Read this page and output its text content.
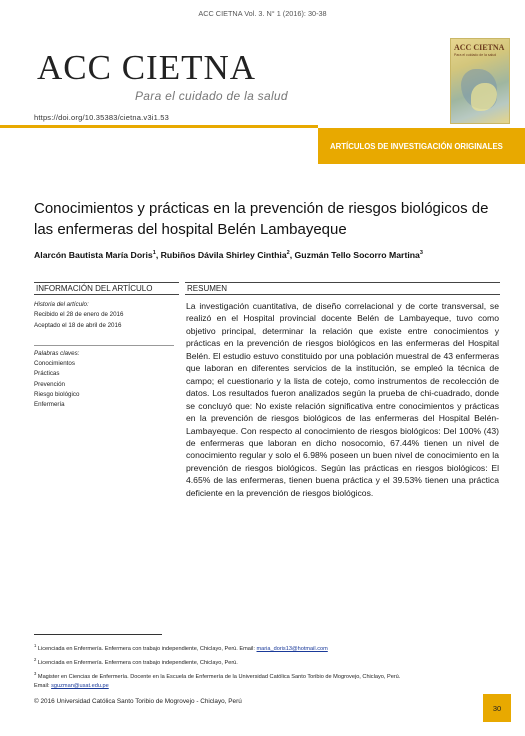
ACC CIETNA Vol. 3. N° 1 (2016): 30-38
ACC CIETNA
Para el cuidado de la salud
ACC CIETNA
Para el cuidado de la salud
https://doi.org/10.35383/cietna.v3i1.53
ARTÍCULOS DE INVESTIGACIÓN ORIGINALES
Conocimientos y prácticas en la prevención de riesgos biológicos de las enfermeras del hospital Belén Lambayeque
Alarcón Bautista María Doris$^1$, Rubiños Dávila Shirley Cinthia$^2$, Guzmán Tello Socorro Martina$^3$
INFORMACIÓN DEL ARTÍCULO	RESUMEN
Historia del artículo:
Recibido el 28 de enero de 2016
Aceptado el 18 de abril de 2016
Palabras claves:
Conocimientos
Prácticas
Prevención
Riesgo biológico
Enfermería
La investigación cuantitativa, de diseño correlacional y de corte transversal, se realizó en el Hospital provincial docente Belén de Lambayeque, tuvo como objetivo principal, determinar la relación que existe entre conocimientos y prácticas en la prevención de riesgos biológicos en las enfermeras del Hospital Belén. El estudio estuvo constituido por una población muestral de 43 enfermeras que laboran en diferentes servicios de la institución, se empleó la técnica de campo; el cuestionario y la lista de cotejo, como instrumentos de recolección de datos. Los resultados fueron analizados según la prueba de chi-cuadrado, donde se concluyó que: No existe relación significativa entre conocimientos y prácticas en la prevención de riesgos biológicos de las enfermeras del Hospital Belén-Lambayeque. Con respecto al conocimiento de riesgos biológicos: Del 100% (43) de enfermeras que laboran en dicho nosocomio, 67.44% tienen un nivel de conocimiento regular y solo el 6.98% poseen un buen nivel de conocimiento en la prevención de riesgos biológicos. Según las prácticas en riesgos biológicos: El 4.65% de las enfermeras, tienen buena práctica y el 39.53% tienen una práctica deficiente en la prevención de riesgos biológicos.
$^1$ Licenciada en Enfermería. Enfermera con trabajo independiente, Chiclayo, Perú. Email: maria_doris13@hotmail.com
$^2$ Licenciada en Enfermería. Enfermera con trabajo independiente, Chiclayo, Perú.
$^3$ Magister en Ciencias de Enfermería. Docente en la Escuela de Enfermería de la Universidad Católica Santo Toribio de Mogrovejo, Chiclayo, Perú.
Email: sguzman@usat.edu.pe
© 2016 Universidad Católica Santo Toribio de Mogrovejo - Chiclayo, Perú
30
